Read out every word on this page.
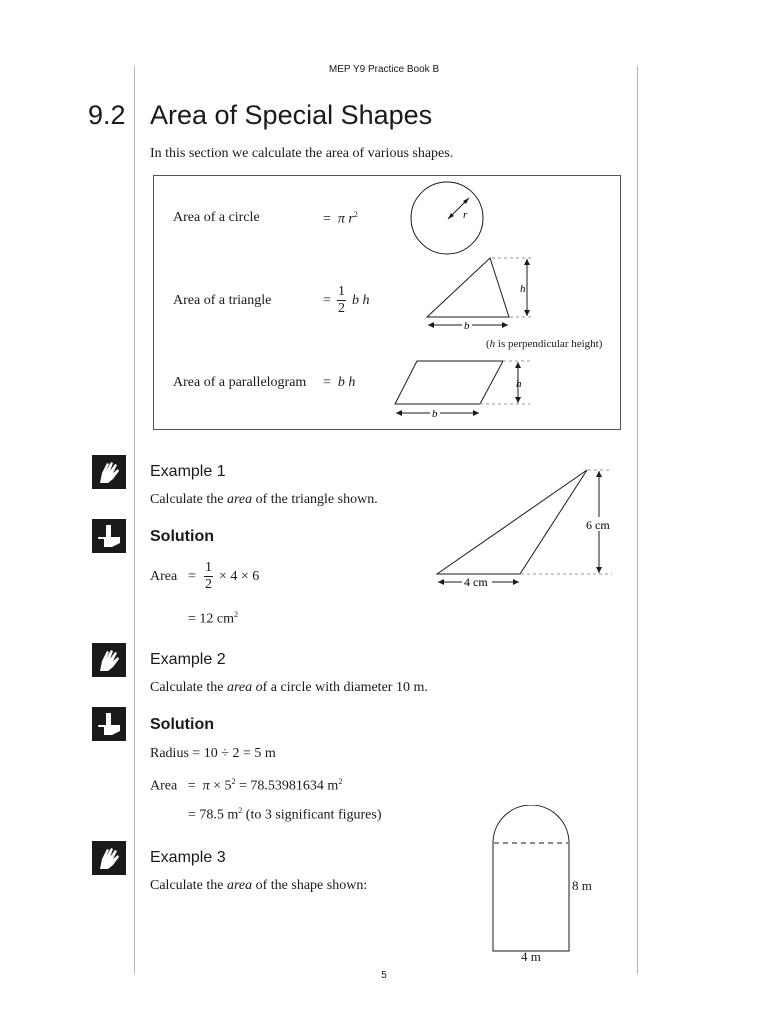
MEP Y9 Practice Book B
9.2 Area of Special Shapes
In this section we calculate the area of various shapes.
Area of a circle	= π $r^2$	r
Area of a triangle	= $\frac{1}{2}$ b h
b
h
(h is perpendicular height)
Area of a parallelogram = b h
b
h
Example 1
Calculate the area of the triangle shown.
Solution
Area = $\frac{1}{2} \times 4 \times 6$
= 12 $cm^2$
4 cm
6 cm
Example 2
Calculate the area of a circle with diameter 10 m.
Solution
Radius = 10 ÷ 2 = 5 m
Area = $\pi \times 5^2 = 78.53981634$ $m^2$
= 78.5 $m^2$ (to 3 significant figures)
Example 3
Calculate the area of the shape shown:	8 m
4 m
5
